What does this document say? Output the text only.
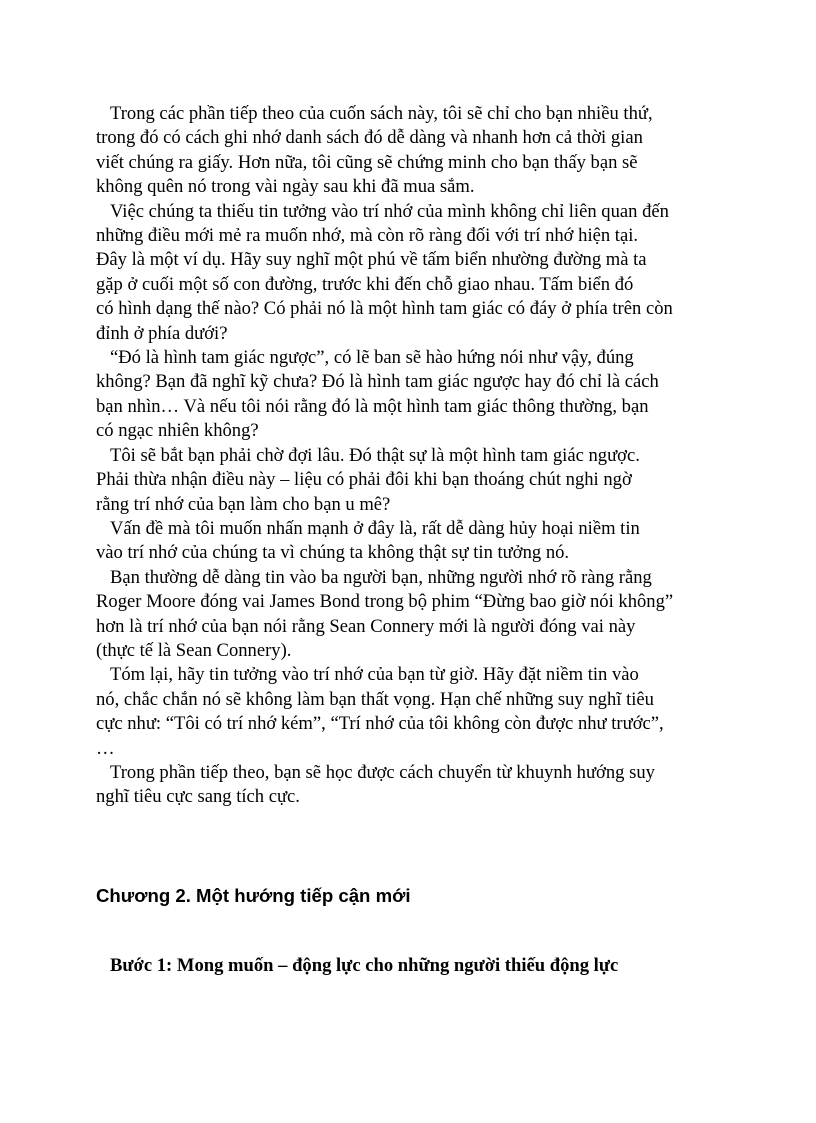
Trong các phần tiếp theo của cuốn sách này, tôi sẽ chỉ cho bạn nhiều thứ,
trong đó có cách ghi nhớ danh sách đó dễ dàng và nhanh hơn cả thời gian
viết chúng ra giấy. Hơn nữa, tôi cũng sẽ chứng minh cho bạn thấy bạn sẽ
không quên nó trong vài ngày sau khi đã mua sắm.

Việc chúng ta thiếu tin tưởng vào trí nhớ của mình không chỉ liên quan đến
những điều mới mẻ ra muốn nhớ, mà còn rõ ràng đối với trí nhớ hiện tại.
Đây là một ví dụ. Hãy suy nghĩ một phú về tấm biển nhường đường mà ta
gặp ở cuối một số con đường, trước khi đến chỗ giao nhau. Tấm biển đó
có hình dạng thế nào? Có phải nó là một hình tam giác có đáy ở phía trên còn
đỉnh ở phía dưới?

“Đó là hình tam giác ngược”, có lẽ ban sẽ hào hứng nói như vậy, đúng
không? Bạn đã nghĩ kỹ chưa? Đó là hình tam giác ngược hay đó chỉ là cách
bạn nhìn… Và nếu tôi nói rằng đó là một hình tam giác thông thường, bạn
có ngạc nhiên không?

Tôi sẽ bắt bạn phải chờ đợi lâu. Đó thật sự là một hình tam giác ngược.
Phải thừa nhận điều này – liệu có phải đôi khi bạn thoáng chút nghi ngờ
rằng trí nhớ của bạn làm cho bạn u mê?

Vấn đề mà tôi muốn nhấn mạnh ở đây là, rất dễ dàng hủy hoại niềm tin
vào trí nhớ của chúng ta vì chúng ta không thật sự tin tưởng nó.

Bạn thường dễ dàng tin vào ba người bạn, những người nhớ rõ ràng rằng
Roger Moore đóng vai James Bond trong bộ phim “Đừng bao giờ nói không”
hơn là trí nhớ của bạn nói rằng Sean Connery mới là người đóng vai này
(thực tế là Sean Connery).

Tóm lại, hãy tin tưởng vào trí nhớ của bạn từ giờ. Hãy đặt niềm tin vào
nó, chắc chắn nó sẽ không làm bạn thất vọng. Hạn chế những suy nghĩ tiêu
cực như: “Tôi có trí nhớ kém”, “Trí nhớ của tôi không còn được như trước”,
…

Trong phần tiếp theo, bạn sẽ học được cách chuyển từ khuynh hướng suy
nghĩ tiêu cực sang tích cực.

Chương 2. Một hướng tiếp cận mới
Bước 1: Mong muốn – động lực cho những người thiếu động lực
